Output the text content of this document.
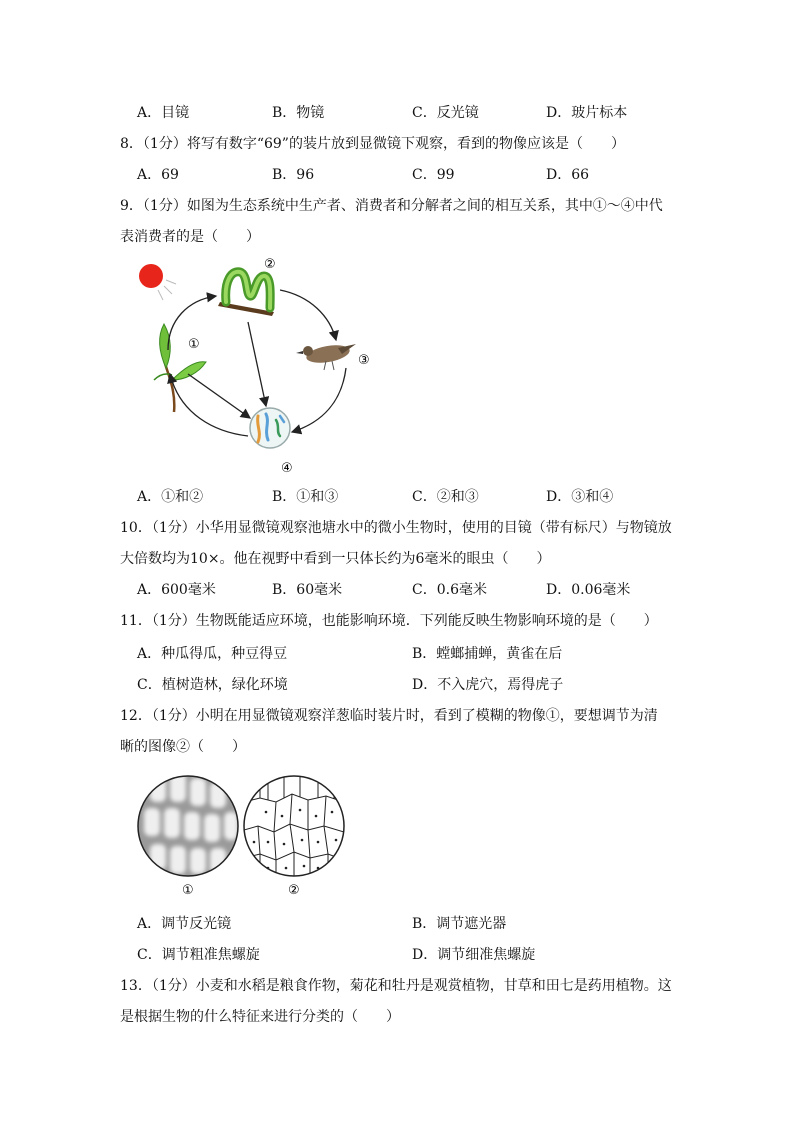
A．目镜	B．物镜	C．反光镜	D．玻片标本
8．（1分）将写有数字“69”的装片放到显微镜下观察，看到的物像应该是（　　）
A．69	B．96	C．99	D．66
9．（1分）如图为生态系统中生产者、消费者和分解者之间的相互关系，其中①～④中代
表消费者的是（　　）
①
②
③
④
A．①和②	B．①和③	C．②和③	D．③和④
10．（1分）小华用显微镜观察池塘水中的微小生物时，使用的目镜（带有标尺）与物镜放
大倍数均为10×。他在视野中看到一只体长约为6毫米的眼虫（　　）
A．600毫米	B．60毫米	C．0.6毫米	D．0.06毫米
11．（1分）生物既能适应环境，也能影响环境．下列能反映生物影响环境的是（　　）
A．种瓜得瓜，种豆得豆	B．螳螂捕蝉，黄雀在后
C．植树造林，绿化环境	D．不入虎穴，焉得虎子
12．（1分）小明在用显微镜观察洋葱临时装片时，看到了模糊的物像①，要想调节为清
晰的图像②（　　）
①	②
A．调节反光镜	B．调节遮光器
C．调节粗准焦螺旋	D．调节细准焦螺旋
13．（1分）小麦和水稻是粮食作物，菊花和牡丹是观赏植物，甘草和田七是药用植物。这
是根据生物的什么特征来进行分类的（　　）
